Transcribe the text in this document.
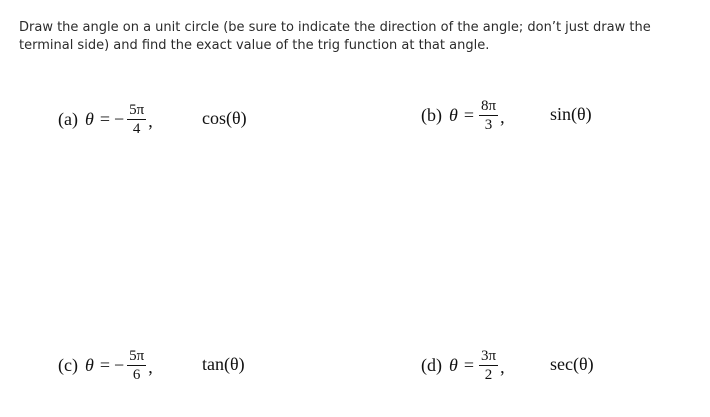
Draw the angle on a unit circle (be sure to indicate the direction of the angle; don’t just draw the terminal side) and find the exact value of the trig function at that angle.
(a) θ = − $\frac{5\pi}{4}$ ,	cos(θ)	(b) $\theta = \frac{8\pi}{3}$ ,	sin(θ)
(c) θ = − $\frac{5\pi}{6}$ ,	tan(θ)	(d) $\theta = \frac{3\pi}{2}$ ,	sec(θ)
